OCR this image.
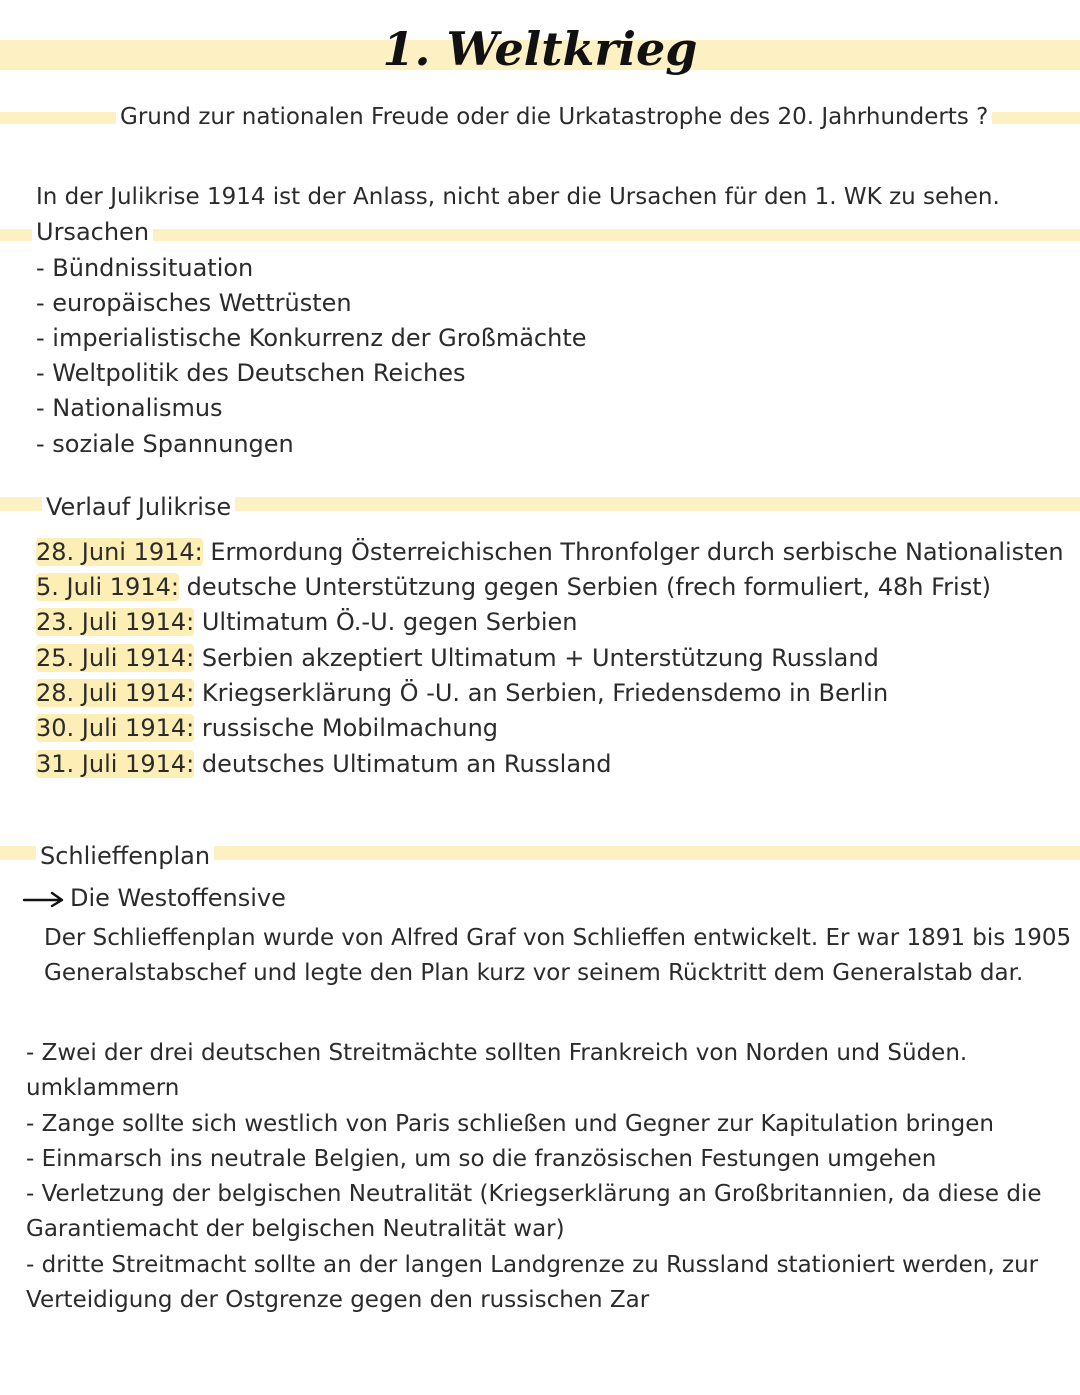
1. Weltkrieg
Grund zur nationalen Freude oder die Urkatastrophe des 20. Jahrhunderts ?
In der Julikrise 1914 ist der Anlass, nicht aber die Ursachen für den 1. WK zu sehen.
Ursachen
- Bündnissituation
- europäisches Wettrüsten
- imperialistische Konkurrenz der Großmächte
- Weltpolitik des Deutschen Reiches
- Nationalismus
- soziale Spannungen
Verlauf Julikrise
28. Juni 1914: Ermordung Österreichischen Thronfolger durch serbische Nationalisten
5. Juli 1914: deutsche Unterstützung gegen Serbien (frech formuliert, 48h Frist)
23. Juli 1914: Ultimatum Ö.-U. gegen Serbien
25. Juli 1914: Serbien akzeptiert Ultimatum + Unterstützung Russland
28. Juli 1914: Kriegserklärung Ö -U. an Serbien, Friedensdemo in Berlin
30. Juli 1914: russische Mobilmachung
31. Juli 1914: deutsches Ultimatum an Russland
Schlieffenplan
Die Westoffensive
Der Schlieffenplan wurde von Alfred Graf von Schlieffen entwickelt. Er war 1891 bis 1905
Generalstabschef und legte den Plan kurz vor seinem Rücktritt dem Generalstab dar.
- Zwei der drei deutschen Streitmächte sollten Frankreich von Norden und Süden.
umklammern
- Zange sollte sich westlich von Paris schließen und Gegner zur Kapitulation bringen
- Einmarsch ins neutrale Belgien, um so die französischen Festungen umgehen
- Verletzung der belgischen Neutralität (Kriegserklärung an Großbritannien, da diese die
Garantiemacht der belgischen Neutralität war)
- dritte Streitmacht sollte an der langen Landgrenze zu Russland stationiert werden, zur
Verteidigung der Ostgrenze gegen den russischen Zar
